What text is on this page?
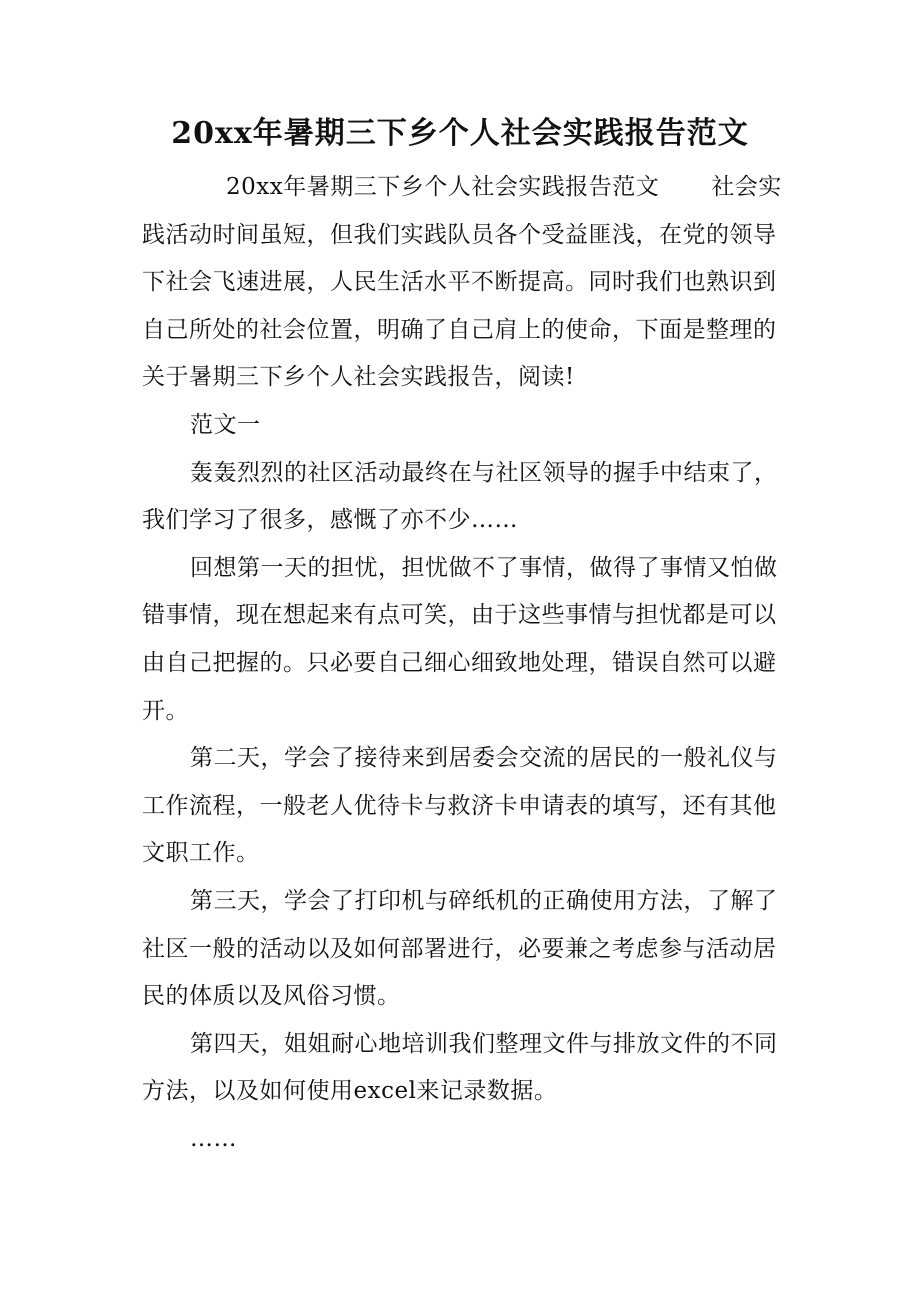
20xx年暑期三下乡个人社会实践报告范文

20xx年暑期三下乡个人社会实践报告范文 社会实践活动时间虽短，但我们实践队员各个受益匪浅，在党的领导下社会飞速进展，人民生活水平不断提高。同时我们也熟识到自己所处的社会位置，明确了自己肩上的使命，下面是整理的关于暑期三下乡个人社会实践报告，阅读!

范文一

轰轰烈烈的社区活动最终在与社区领导的握手中结束了，我们学习了很多，感慨了亦不少……

回想第一天的担忧，担忧做不了事情，做得了事情又怕做错事情，现在想起来有点可笑，由于这些事情与担忧都是可以由自己把握的。只必要自己细心细致地处理，错误自然可以避开。

第二天，学会了接待来到居委会交流的居民的一般礼仪与工作流程，一般老人优待卡与救济卡申请表的填写，还有其他文职工作。

第三天，学会了打印机与碎纸机的正确使用方法，了解了社区一般的活动以及如何部署进行，必要兼之考虑参与活动居民的体质以及风俗习惯。

第四天，姐姐耐心地培训我们整理文件与排放文件的不同方法，以及如何使用excel来记录数据。

……
